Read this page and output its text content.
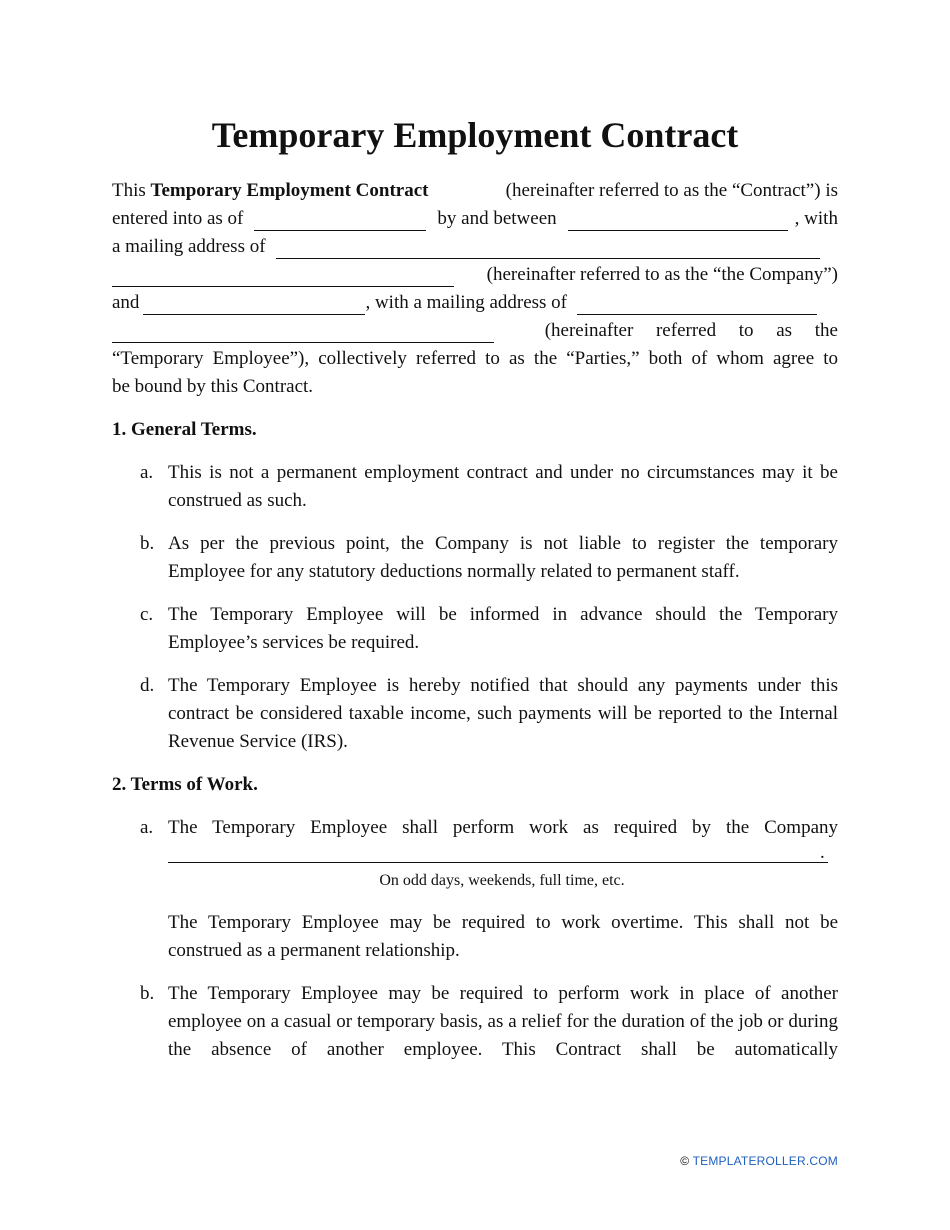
Temporary Employment Contract
This Temporary Employment Contract	(hereinafter referred to as the “Contract”) is
entered into as of	by and between	, with
a mailing address of
(hereinafter referred to as the “the Company”)
and	, with a mailing address of
(hereinafter referred to as the
“Temporary Employee”), collectively referred to as the “Parties,” both of whom agree to
be bound by this Contract.
1. General Terms.
a. This is not a permanent employment contract and under no circumstances may it be construed as such.
b. As per the previous point, the Company is not liable to register the temporary Employee for any statutory deductions normally related to permanent staff.
c. The Temporary Employee will be informed in advance should the Temporary Employee’s services be required.
d. The Temporary Employee is hereby notified that should any payments under this contract be considered taxable income, such payments will be reported to the Internal Revenue Service (IRS).
2. Terms of Work.
a. The Temporary Employee shall perform work as required by the Company
.
On odd days, weekends, full time, etc.
The Temporary Employee may be required to work overtime. This shall not be construed as a permanent relationship.
b. The Temporary Employee may be required to perform work in place of another employee on a casual or temporary basis, as a relief for the duration of the job or during the absence of another employee. This Contract shall be automatically
© TEMPLATEROLLER.COM
